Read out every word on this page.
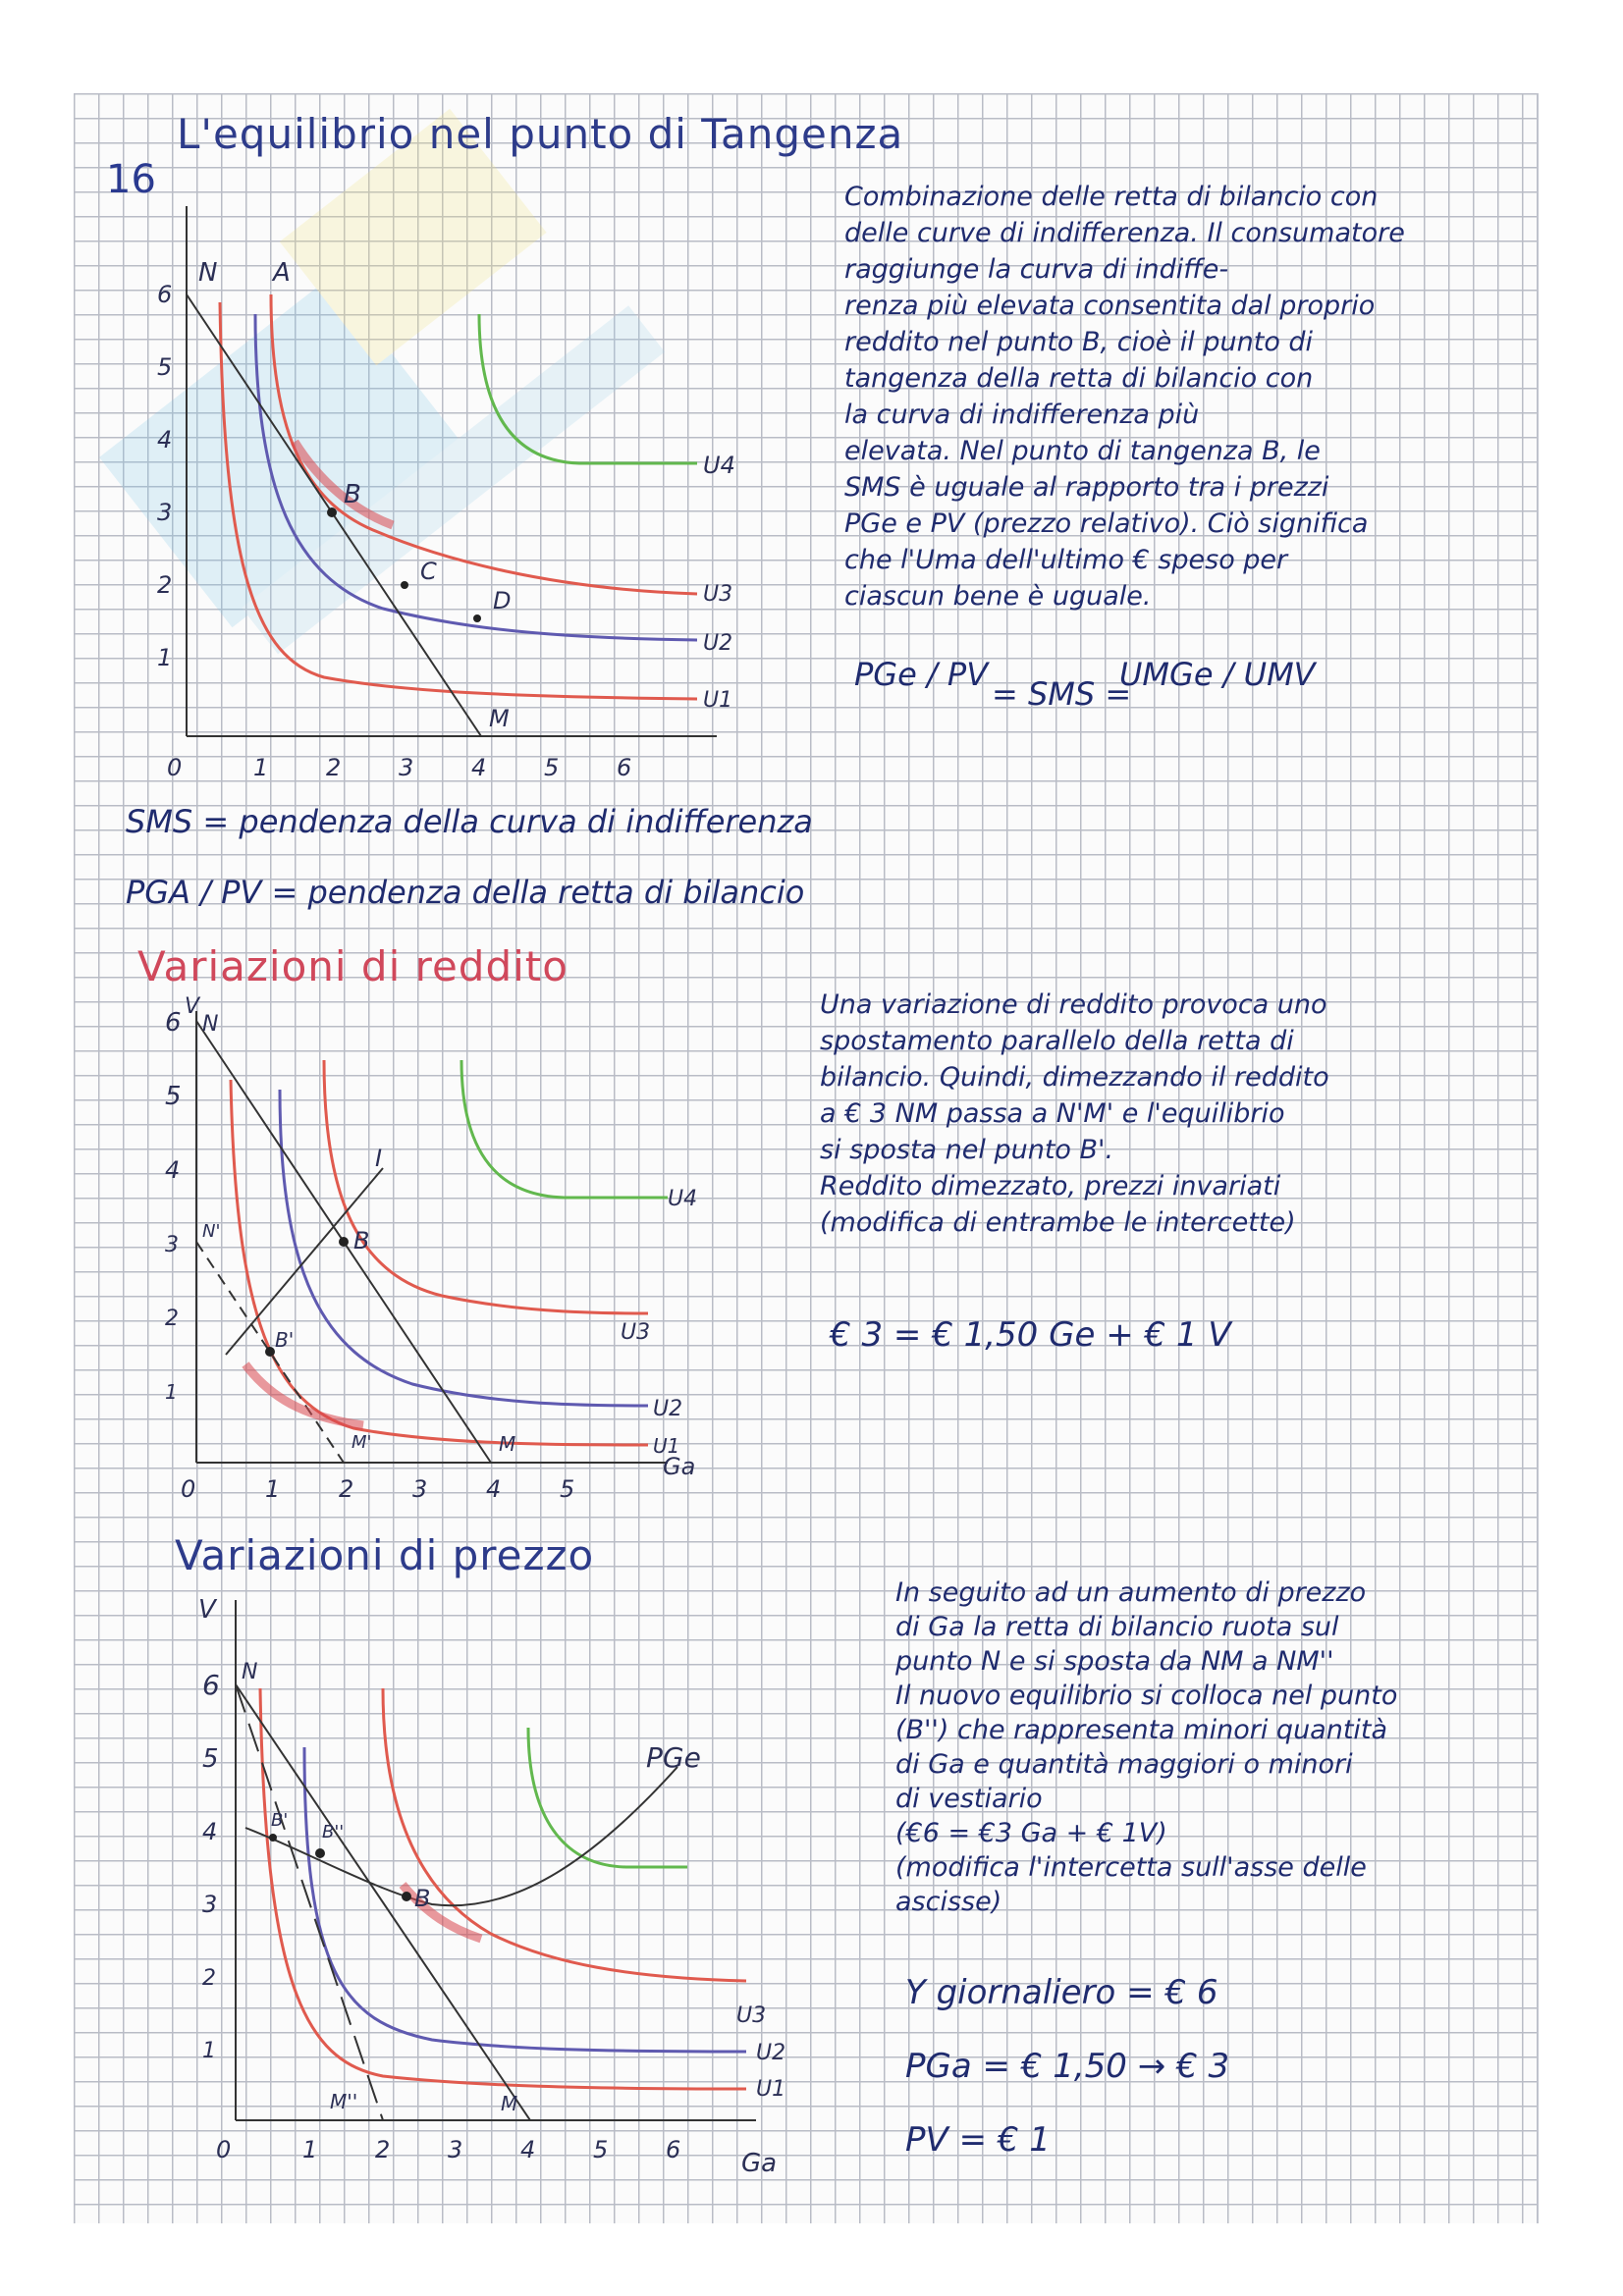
16
L'equilibrio nel punto di Tangenza
6
5
4
3
2
1
0	1 2 3 4 5 6
N A
B
C
D
M
U1
U2
U3
U4
Combinazione delle retta di bilancio con
delle curve di indifferenza. Il consumatore
raggiunge la curva di indiffe-
renza più elevata consentita dal proprio
reddito nel punto B, cioè il punto di
tangenza della retta di bilancio con
la curva di indifferenza più
elevata. Nel punto di tangenza B, le
SMS è uguale al rapporto tra i prezzi
PGe e PV (prezzo relativo). Ciò significa
che l'Uma dell'ultimo € speso per
ciascun bene è uguale.
PGe / PV
= SMS =
UMGe / UMV
SMS = pendenza della curva di indifferenza
PGA / PV = pendenza della retta di bilancio
Variazioni di reddito
V
6
5
4
3
2
1
0	1 2 3 4 5
Ga
N
N'
I
B
B'
M
M'	U1
U2
U3
U4
Una variazione di reddito provoca uno
spostamento parallelo della retta di
bilancio. Quindi, dimezzando il reddito
a € 3 NM passa a N'M' e l'equilibrio
si sposta nel punto B'.
Reddito dimezzato, prezzi invariati
(modifica di entrambe le intercette)
€ 3 = € 1,50 Ge + € 1 V
Variazioni di prezzo
V
6
5
4
3
2
1
0	1 2 3 4 5 6 Ga
N
B
B'
B''
M
M''
PGe
U1
U2
U3
In seguito ad un aumento di prezzo
di Ga la retta di bilancio ruota sul
punto N e si sposta da NM a NM''
Il nuovo equilibrio si colloca nel punto
(B'') che rappresenta minori quantità
di Ga e quantità maggiori o minori
di vestiario
(€6 = €3 Ga + € 1V)
(modifica l'intercetta sull'asse delle
ascisse)
Y giornaliero = € 6
PGa = € 1,50 → € 3
PV = € 1
